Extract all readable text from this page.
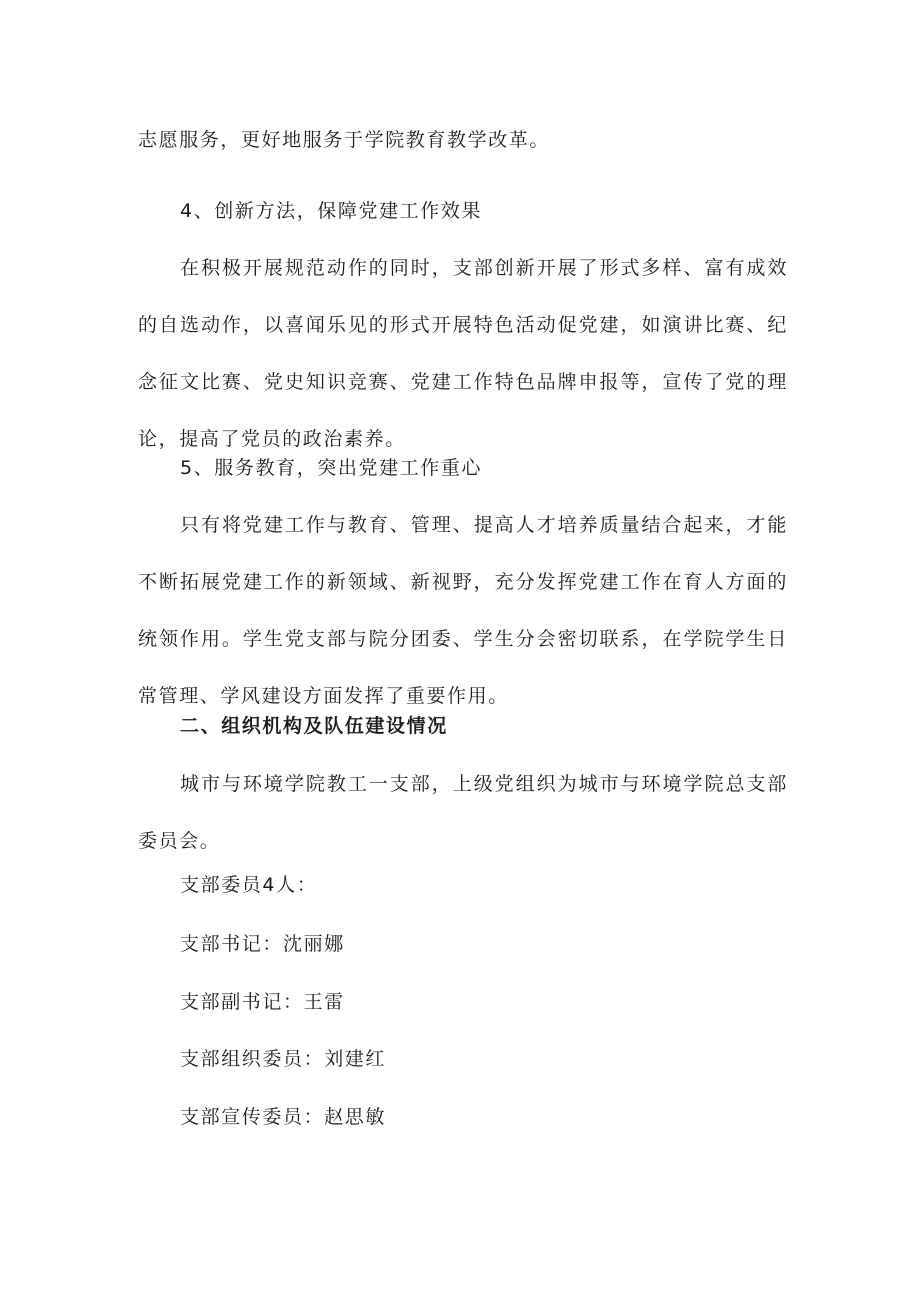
志愿服务，更好地服务于学院教育教学改革。

4、创新方法，保障党建工作效果

在积极开展规范动作的同时，支部创新开展了形式多样、富有成效的自选动作，以喜闻乐见的形式开展特色活动促党建，如演讲比赛、纪念征文比赛、党史知识竞赛、党建工作特色品牌申报等，宣传了党的理论，提高了党员的政治素养。

5、服务教育，突出党建工作重心

只有将党建工作与教育、管理、提高人才培养质量结合起来，才能不断拓展党建工作的新领域、新视野，充分发挥党建工作在育人方面的统领作用。学生党支部与院分团委、学生分会密切联系，在学院学生日常管理、学风建设方面发挥了重要作用。

二、组织机构及队伍建设情况

城市与环境学院教工一支部，上级党组织为城市与环境学院总支部委员会。

支部委员4人：

支部书记：沈丽娜

支部副书记：王雷

支部组织委员：刘建红

支部宣传委员：赵思敏
